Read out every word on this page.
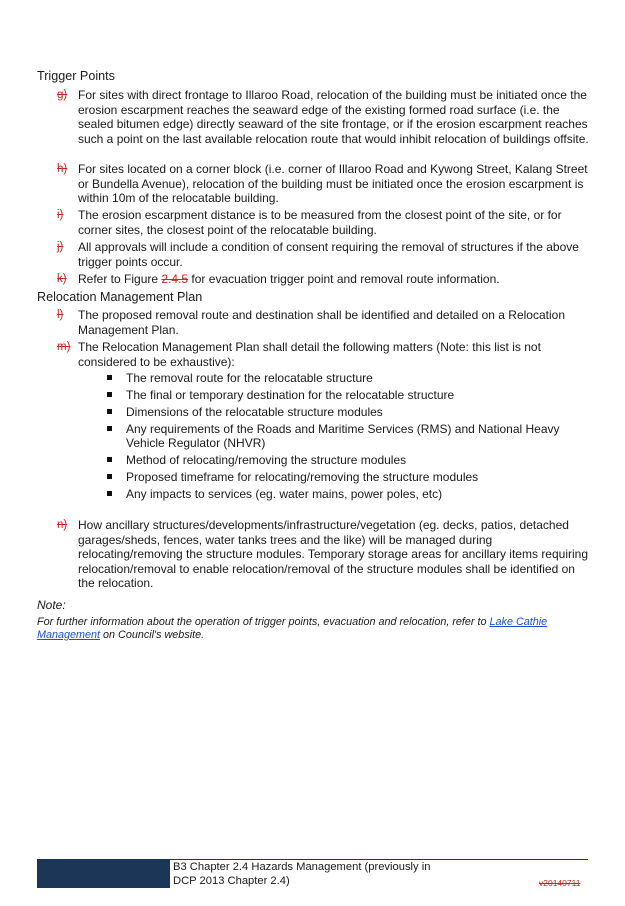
Trigger Points
g) For sites with direct frontage to Illaroo Road, relocation of the building must be initiated once the erosion escarpment reaches the seaward edge of the existing formed road surface (i.e. the sealed bitumen edge) directly seaward of the site frontage, or if the erosion escarpment reaches such a point on the last available relocation route that would inhibit relocation of buildings offsite.
h) For sites located on a corner block (i.e. corner of Illaroo Road and Kywong Street, Kalang Street or Bundella Avenue), relocation of the building must be initiated once the erosion escarpment is within 10m of the relocatable building.
i) The erosion escarpment distance is to be measured from the closest point of the site, or for corner sites, the closest point of the relocatable building.
j) All approvals will include a condition of consent requiring the removal of structures if the above trigger points occur.
k) Refer to Figure 2.4.5 for evacuation trigger point and removal route information.
Relocation Management Plan
l) The proposed removal route and destination shall be identified and detailed on a Relocation Management Plan.
m) The Relocation Management Plan shall detail the following matters (Note: this list is not considered to be exhaustive):
The removal route for the relocatable structure
The final or temporary destination for the relocatable structure
Dimensions of the relocatable structure modules
Any requirements of the Roads and Maritime Services (RMS) and National Heavy Vehicle Regulator (NHVR)
Method of relocating/removing the structure modules
Proposed timeframe for relocating/removing the structure modules
Any impacts to services (eg. water mains, power poles, etc)
n) How ancillary structures/developments/infrastructure/vegetation (eg. decks, patios, detached garages/sheds, fences, water tanks trees and the like) will be managed during relocating/removing the structure modules. Temporary storage areas for ancillary items requiring relocation/removal to enable relocation/removal of the structure modules shall be identified on the relocation.
Note:
For further information about the operation of trigger points, evacuation and relocation, refer to Lake Cathie Management on Council's website.
B3 Chapter 2.4 Hazards Management (previously in
DCP 2013 Chapter 2.4)	v20140711
